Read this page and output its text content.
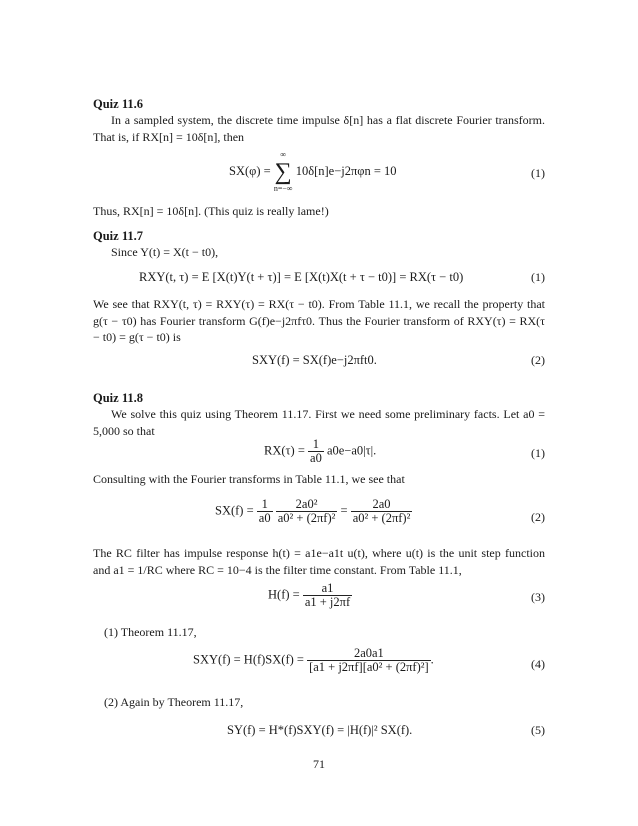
Quiz 11.6
In a sampled system, the discrete time impulse δ[n] has a flat discrete Fourier transform. That is, if RX[n] = 10δ[n], then
SX(φ) =
∞
∑
n=−∞
10δ[n]e−j2πφn = 10	(1)
Thus, RX[n] = 10δ[n]. (This quiz is really lame!)
Quiz 11.7
Since Y(t) = X(t − t0),
RXY(t, τ) = E [X(t)Y(t + τ)] = E [X(t)X(t + τ − t0)] = RX(τ − t0)	(1)
We see that RXY(t, τ) = RXY(τ) = RX(τ − t0). From Table 11.1, we recall the property that g(τ − τ0) has Fourier transform G(f)e−j2πfτ0. Thus the Fourier transform of RXY(τ) = RX(τ − t0) = g(τ − t0) is
SXY(f) = SX(f)e−j2πft0.	(2)
Quiz 11.8
We solve this quiz using Theorem 11.17. First we need some preliminary facts. Let a0 = 5,000 so that
$RX(\tau) = \frac{1}{a0} a0e-a0|\tau|$.	(1)
Consulting with the Fourier transforms in Table 11.1, we see that
$SX(f) = \frac{1}{a0}$
$\frac{\text{2a0²}}{\text{a0² + (2πf)²}} = \frac{2a0}{\text{a0² + (2πf)²}}$	(2)
The RC filter has impulse response h(t) = a1e−a1t u(t), where u(t) is the unit step function and a1 = 1/RC where RC = 10−4 is the filter time constant. From Table 11.1,
$H(f) = \frac{a1}{a1 + j2\pi f}$	(3)
(1) Theorem 11.17,
$SXY(f) = H(f)SX(f) = \frac{2a0a1}{\text{[a1 + j2πf][a0² + (2πf)²]}}$ .	(4)
(2) Again by Theorem 11.17,
SY(f) = H*(f)SXY(f) = |H(f)|² SX(f).	(5)
71
